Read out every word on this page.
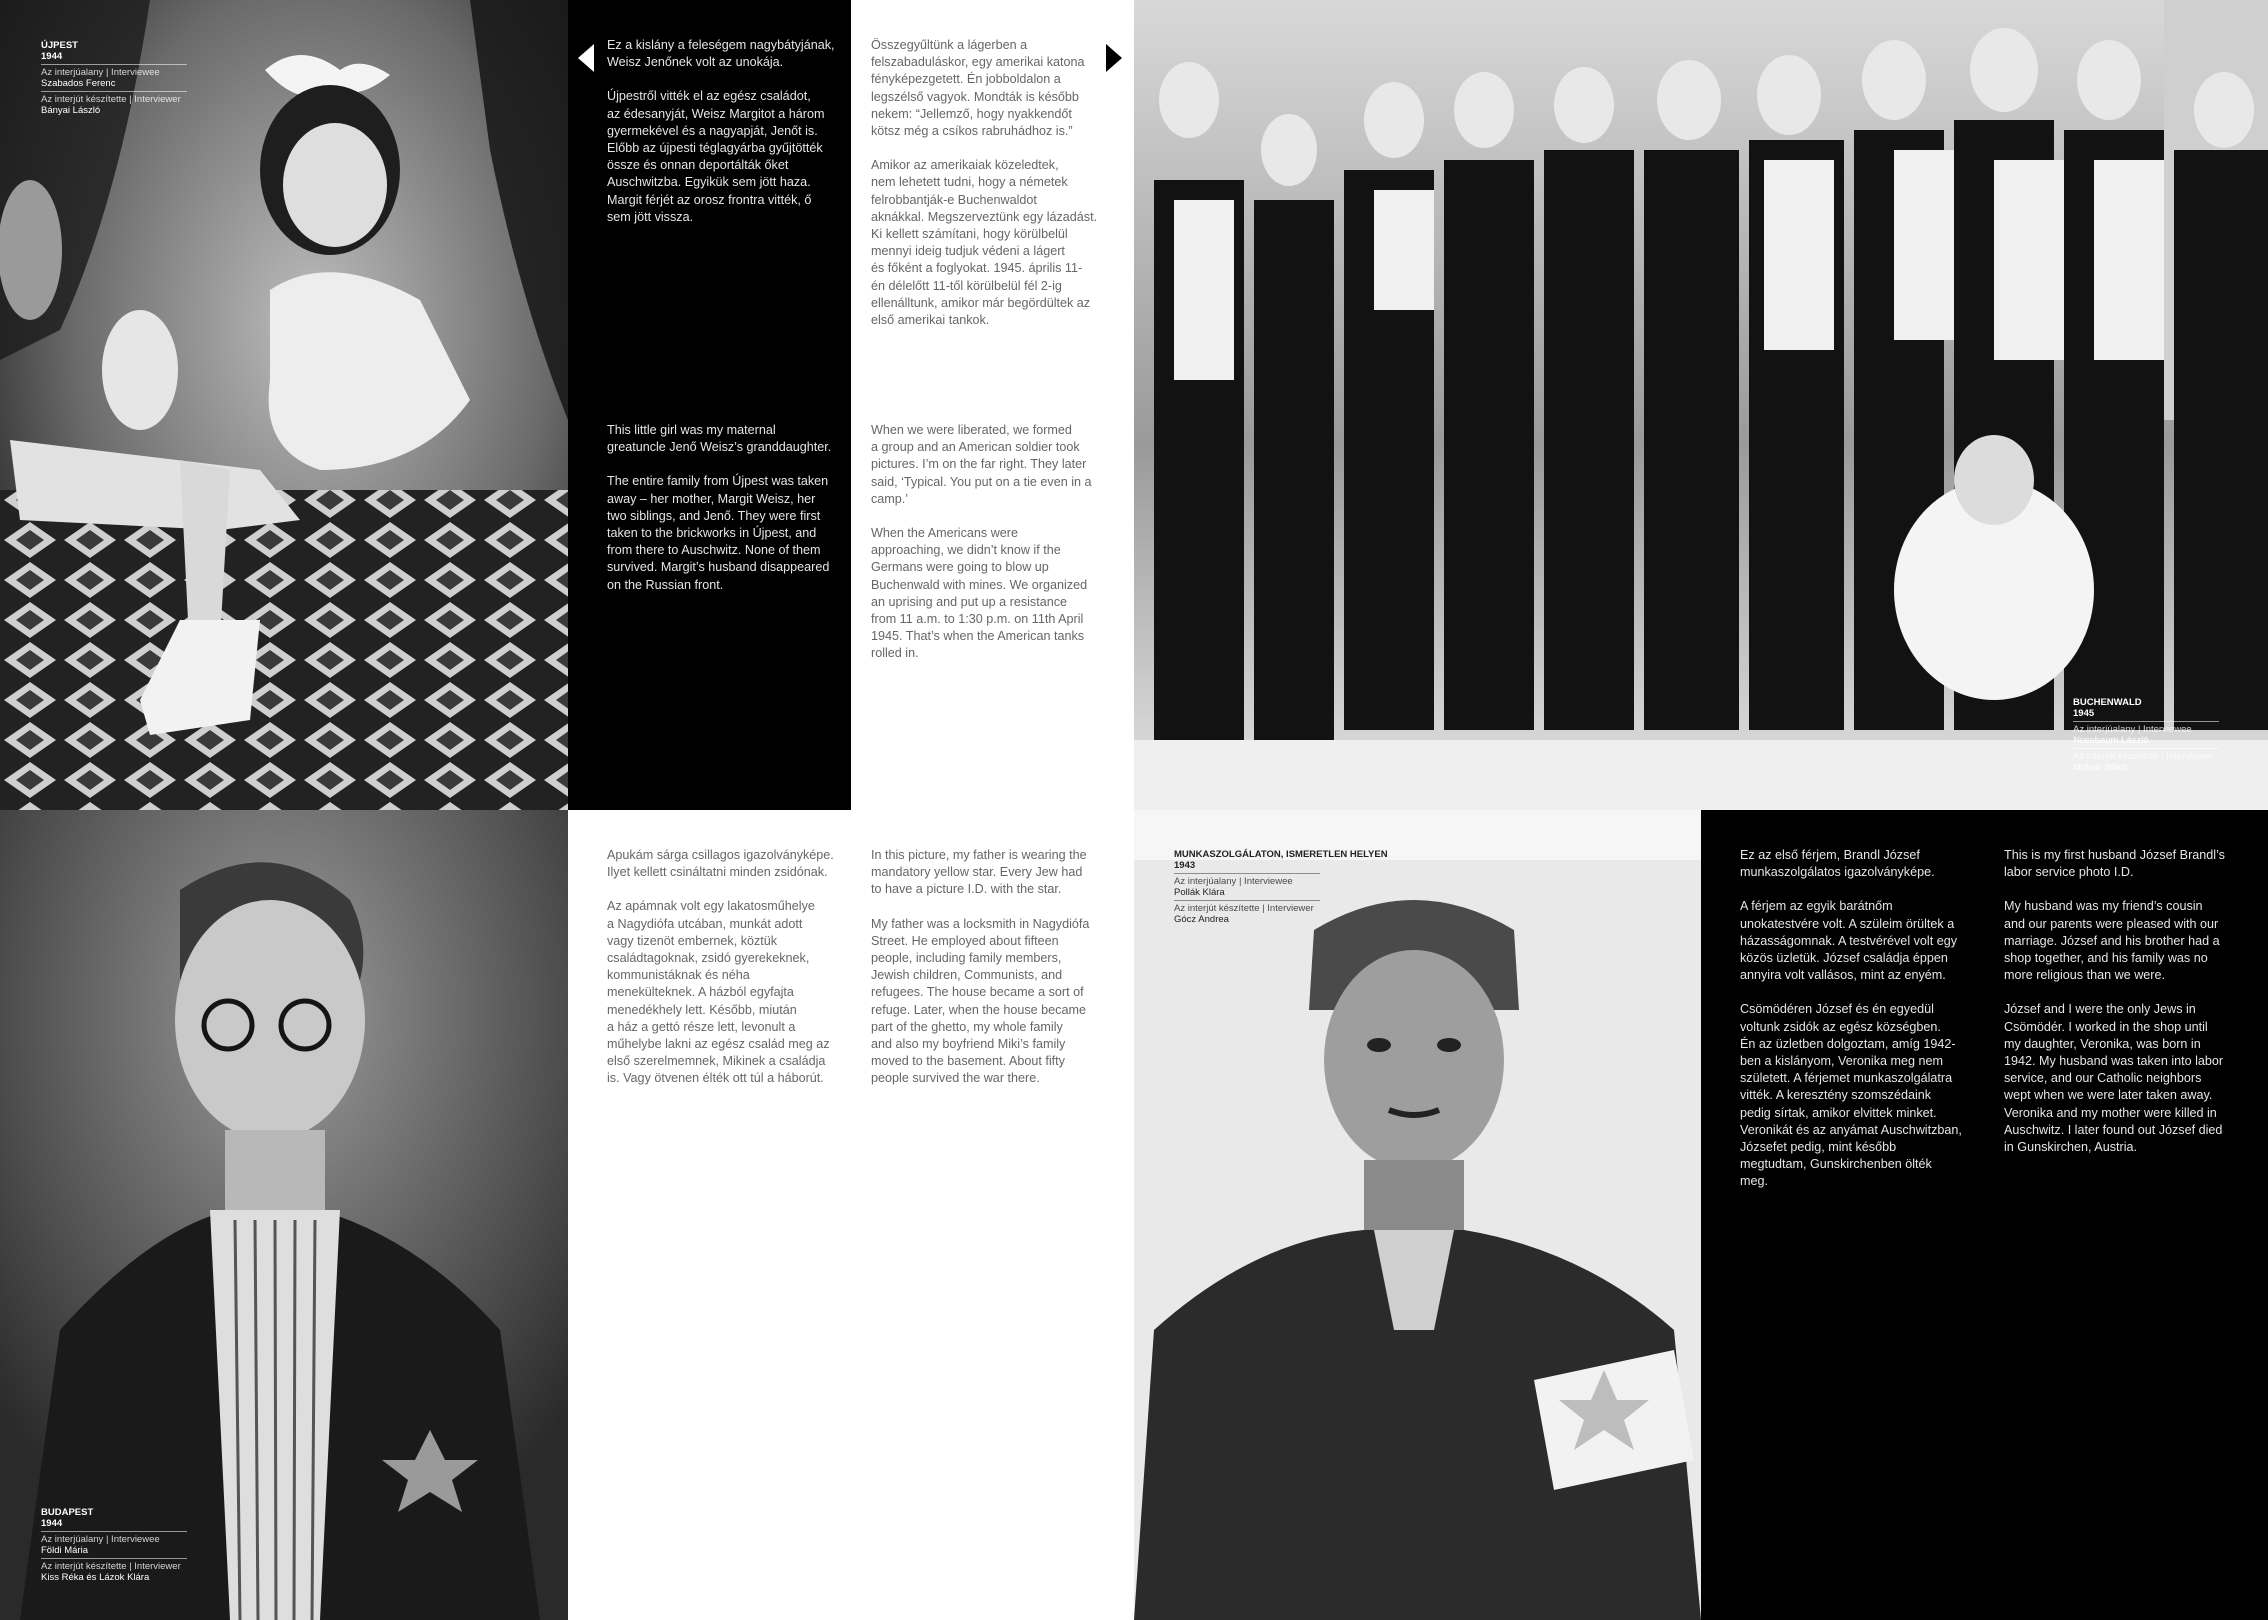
ÚJPEST
1944
Az interjúalany | Interviewee
Szabados Ferenc
Az interjút készítette | Interviewer
Bányai László

Ez a kislány a feleségem nagybátyjának,
Weisz Jenőnek volt az unokája.

Újpestről vitték el az egész családot,
az édesanyját, Weisz Margitot a három
gyermekével és a nagyapját, Jenőt is.
Előbb az újpesti téglagyárba gyűjtötték
össze és onnan deportálták őket
Auschwitzba. Egyikük sem jött haza.
Margit férjét az orosz frontra vitték, ő
sem jött vissza.

This little girl was my maternal
greatuncle Jenő Weisz’s granddaughter.

The entire family from Újpest was taken
away – her mother, Margit Weisz, her
two siblings, and Jenő. They were first
taken to the brickworks in Újpest, and
from there to Auschwitz. None of them
survived. Margit’s husband disappeared
on the Russian front.

Összegyűltünk a lágerben a
felszabaduláskor, egy amerikai katona
fényképezgetett. Én jobboldalon a
legszélső vagyok. Mondták is később
nekem: “Jellemző, hogy nyakkendőt
kötsz még a csíkos rabruhádhoz is.”

Amikor az amerikaiak közeledtek,
nem lehetett tudni, hogy a németek
felrobbantják-e Buchenwaldot
aknákkal. Megszerveztünk egy lázadást.
Ki kellett számítani, hogy körülbelül
mennyi ideig tudjuk védeni a lágert
és főként a foglyokat. 1945. április 11-
én délelőtt 11-től körülbelül fél 2-ig
ellenálltunk, amikor már begördültek az
első amerikai tankok.

When we were liberated, we formed
a group and an American soldier took
pictures. I’m on the far right. They later
said, ‘Typical. You put on a tie even in a
camp.’

When the Americans were
approaching, we didn’t know if the
Germans were going to blow up
Buchenwald with mines. We organized
an uprising and put up a resistance
from 11 a.m. to 1:30 p.m. on 11th April
1945. That’s when the American tanks
rolled in.

BUCHENWALD
1945
Az interjúalany | Interviewee
Nussbaum László
Az interjút készítette | Interviewer
Molnár Ildikó
BUDAPEST
1944
Az interjúalany | Interviewee
Földi Mária
Az interjút készítette | Interviewer
Kiss Réka és Lázok Klára

Apukám sárga csillagos igazolványképe.
Ilyet kellett csináltatni minden zsidónak.

Az apámnak volt egy lakatosműhelye
a Nagydiófa utcában, munkát adott
vagy tizenöt embernek, köztük
családtagoknak, zsidó gyerekeknek,
kommunistáknak és néha
menekülteknek. A házból egyfajta
menedékhely lett. Később, miután
a ház a gettó része lett, levonult a
műhelybe lakni az egész család meg az
első szerelmemnek, Mikinek a családja
is. Vagy ötvenen élték ott túl a háborút.

In this picture, my father is wearing the
mandatory yellow star. Every Jew had
to have a picture I.D. with the star.

My father was a locksmith in Nagydiófa
Street. He employed about fifteen
people, including family members,
Jewish children, Communists, and
refugees. The house became a sort of
refuge. Later, when the house became
part of the ghetto, my whole family
and also my boyfriend Miki’s family
moved to the basement. About fifty
people survived the war there.

MUNKASZOLGÁLATON, ISMERETLEN HELYEN
1943
Az interjúalany | Interviewee
Pollák Klára
Az interjút készítette | Interviewer
Gócz Andrea

Ez az első férjem, Brandl József
munkaszolgálatos igazolványképe.

A férjem az egyik barátnőm
unokatestvére volt. A szüleim örültek a
házasságomnak. A testvérével volt egy
közös üzletük. József családja éppen
annyira volt vallásos, mint az enyém.

Csömödéren József és én egyedül
voltunk zsidók az egész községben.
Én az üzletben dolgoztam, amíg 1942-
ben a kislányom, Veronika meg nem
született. A férjemet munkaszolgálatra
vitték. A keresztény szomszédaink
pedig sírtak, amikor elvittek minket.
Veronikát és az anyámat Auschwitzban,
Józsefet pedig, mint később
megtudtam, Gunskirchenben ölték
meg.

This is my first husband József Brandl’s
labor service photo I.D.

My husband was my friend’s cousin
and our parents were pleased with our
marriage. József and his brother had a
shop together, and his family was no
more religious than we were.

József and I were the only Jews in
Csömödér. I worked in the shop until
my daughter, Veronika, was born in
1942. My husband was taken into labor
service, and our Catholic neighbors
wept when we were later taken away.
Veronika and my mother were killed in
Auschwitz. I later found out József died
in Gunskirchen, Austria.
